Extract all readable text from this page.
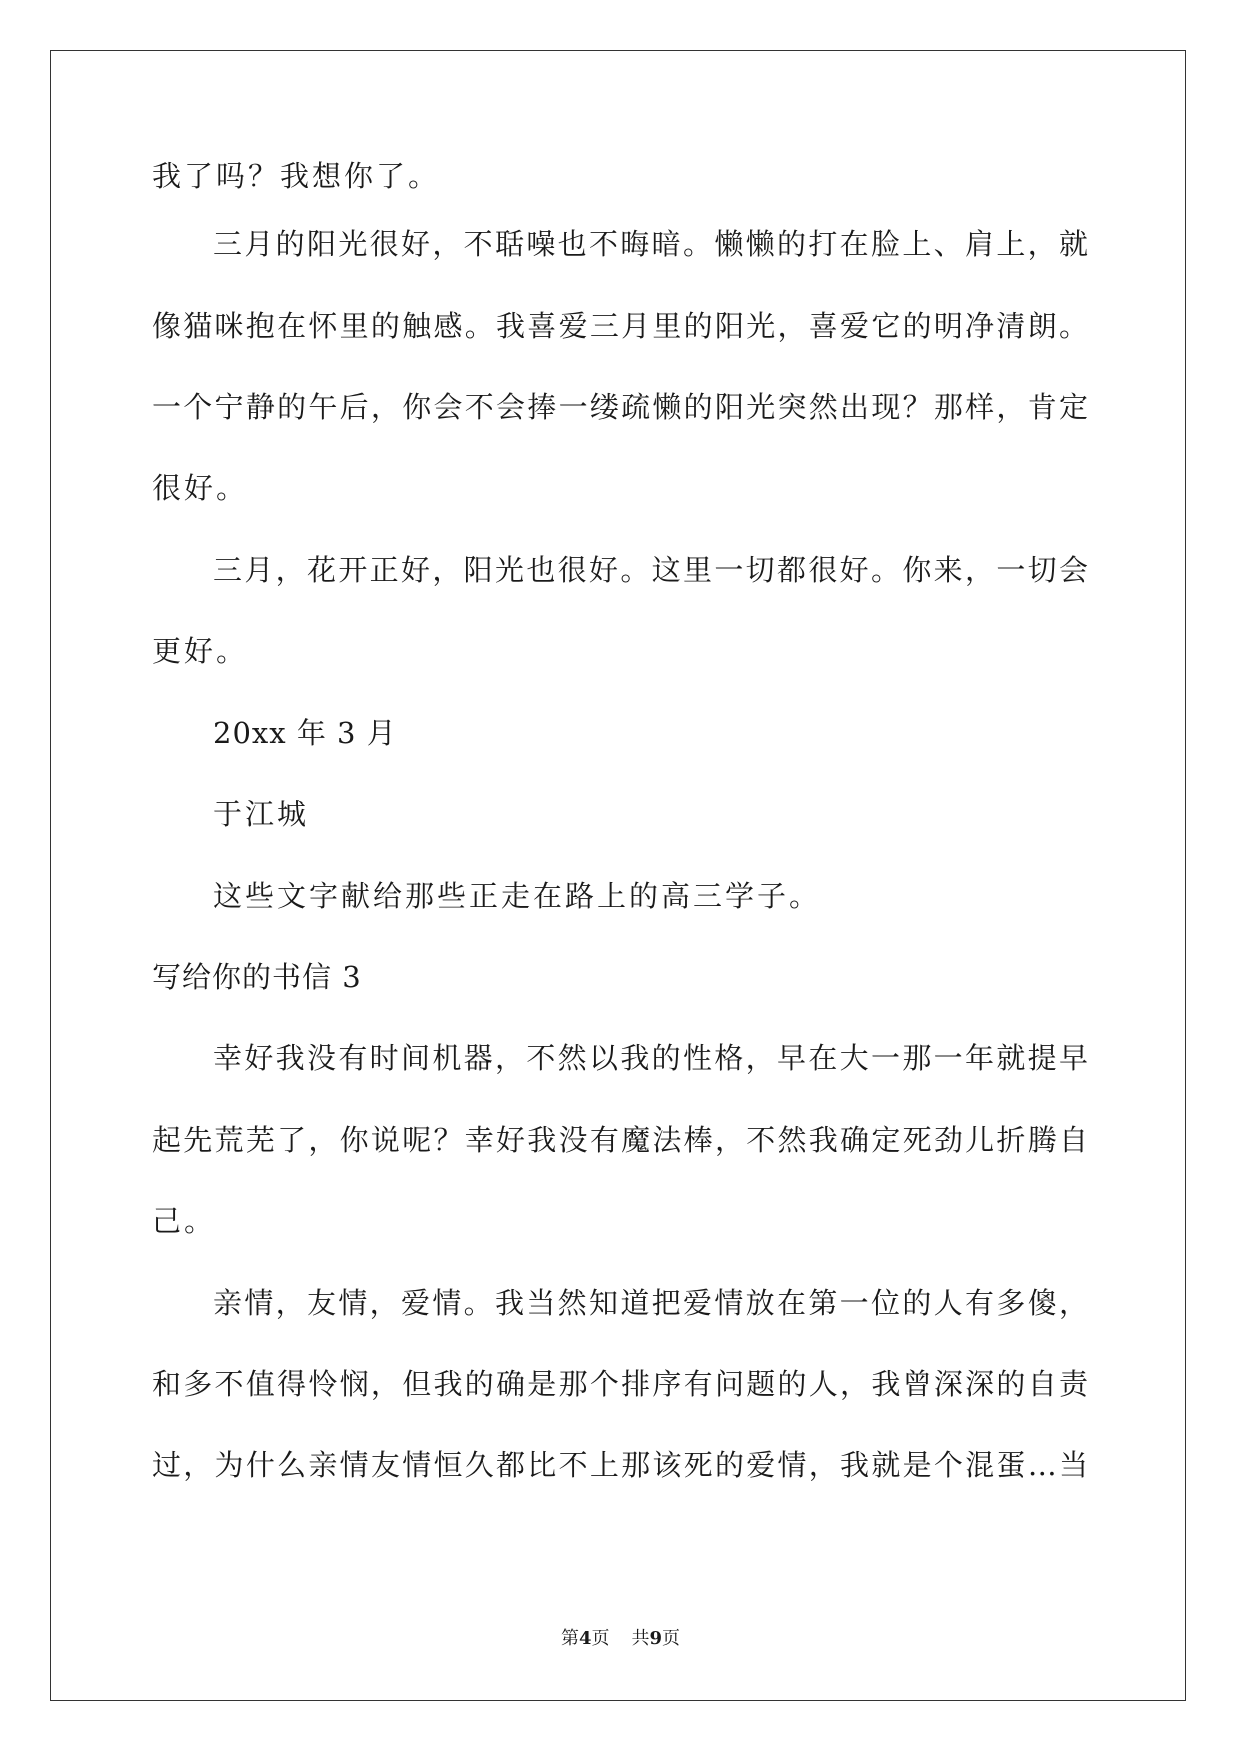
我了吗？我想你了。
三月的阳光很好，不聒噪也不晦暗。懒懒的打在脸上、肩上，就
像猫咪抱在怀里的触感。我喜爱三月里的阳光，喜爱它的明净清朗。
一个宁静的午后，你会不会捧一缕疏懒的阳光突然出现？那样，肯定
很好。
三月，花开正好，阳光也很好。这里一切都很好。你来，一切会
更好。
20xx 年 3 月
于江城
这些文字献给那些正走在路上的高三学子。
写给你的书信 3
幸好我没有时间机器，不然以我的性格，早在大一那一年就提早
起先荒芜了，你说呢？幸好我没有魔法棒，不然我确定死劲儿折腾自
己。
亲情，友情，爱情。我当然知道把爱情放在第一位的人有多傻，
和多不值得怜悯，但我的确是那个排序有问题的人，我曾深深的自责
过，为什么亲情友情恒久都比不上那该死的爱情，我就是个混蛋…当
第4页 共9页
